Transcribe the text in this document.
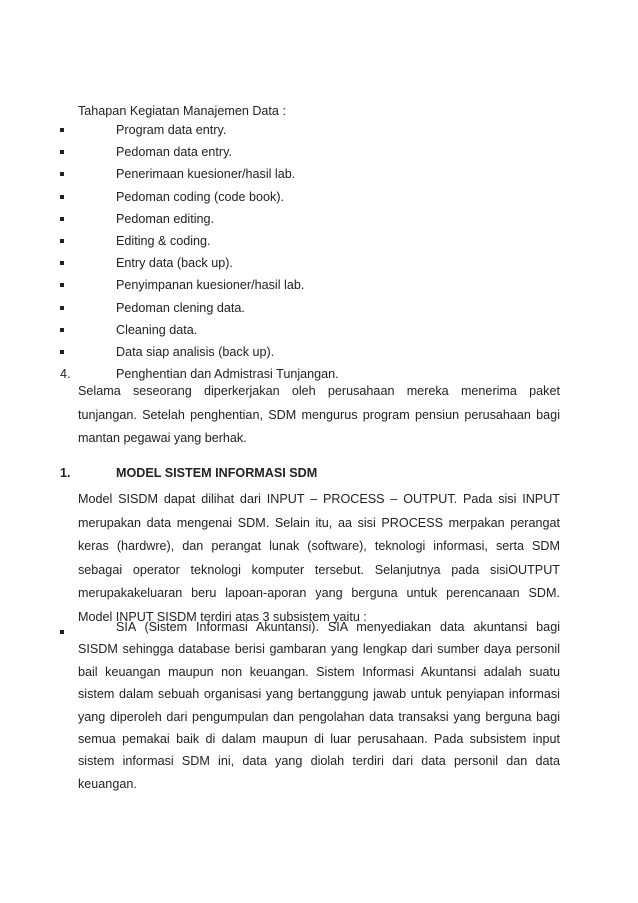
Tahapan Kegiatan Manajemen Data :
Program data entry.
Pedoman data entry.
Penerimaan kuesioner/hasil lab.
Pedoman coding (code book).
Pedoman editing.
Editing & coding.
Entry data (back up).
Penyimpanan kuesioner/hasil lab.
Pedoman clening data.
Cleaning data.
Data siap analisis (back up).
4.	Penghentian dan Admistrasi Tunjangan.
Selama seseorang diperkerjakan oleh perusahaan mereka menerima paket tunjangan. Setelah penghentian, SDM mengurus program pensiun perusahaan bagi mantan pegawai yang berhak.
1.	MODEL SISTEM INFORMASI SDM
Model SISDM dapat dilihat dari INPUT – PROCESS – OUTPUT. Pada sisi INPUT merupakan data mengenai SDM. Selain itu, aa sisi PROCESS merpakan perangat keras (hardwre), dan perangat lunak (software), teknologi informasi, serta SDM sebagai operator teknologi komputer tersebut. Selanjutnya pada sisiOUTPUT merupakakeluaran beru lapoan-aporan yang berguna untuk perencanaan SDM. Model INPUT SISDM terdiri atas 3 subsistem yaitu :
SIA (Sistem Informasi Akuntansi). SIA menyediakan data akuntansi bagi SISDM sehingga database berisi gambaran yang lengkap dari sumber daya personil bail keuangan maupun non keuangan. Sistem Informasi Akuntansi adalah suatu sistem dalam sebuah organisasi yang bertanggung jawab untuk penyiapan informasi yang diperoleh dari pengumpulan dan pengolahan data transaksi yang berguna bagi semua pemakai baik di dalam maupun di luar perusahaan. Pada subsistem input sistem informasi SDM ini, data yang diolah terdiri dari data personil dan data keuangan.
